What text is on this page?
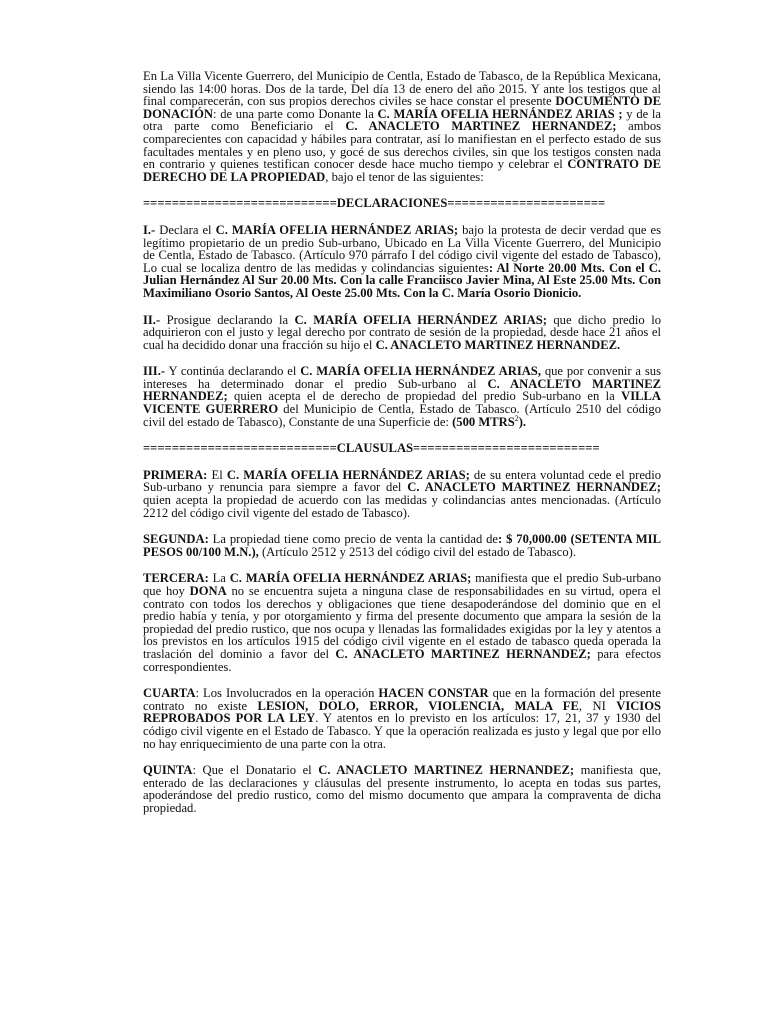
En La Villa Vicente Guerrero, del Municipio de Centla, Estado de Tabasco, de la República Mexicana, siendo las 14:00 horas. Dos de la tarde, Del día 13 de enero del año 2015. Y ante los testigos que al final comparecerán, con sus propios derechos civiles se hace constar el presente DOCUMENTO DE DONACIÓN: de una parte como Donante la C. MARÍA OFELIA HERNÁNDEZ ARIAS ; y de la otra parte como Beneficiario el C. ANACLETO MARTINEZ HERNANDEZ; ambos comparecientes con capacidad y hábiles para contratar, así lo manifiestan en el perfecto estado de sus facultades mentales y en pleno uso, y gocé de sus derechos civiles, sin que los testigos consten nada en contrario y quienes testifican conocer desde hace mucho tiempo y celebrar el CONTRATO DE DERECHO DE LA PROPIEDAD, bajo el tenor de las siguientes:

===========================DECLARACIONES======================

I.- Declara el C. MARÍA OFELIA HERNÁNDEZ ARIAS; bajo la protesta de decir verdad que es legítimo propietario de un predio Sub-urbano, Ubicado en La Villa Vicente Guerrero, del Municipio de Centla, Estado de Tabasco. (Artículo 970 párrafo I del código civil vigente del estado de Tabasco), Lo cual se localiza dentro de las medidas y colindancias siguientes: Al Norte 20.00 Mts. Con el C. Julian Hernández Al Sur 20.00 Mts. Con la calle Franciisco Javier Mina, Al Este 25.00 Mts. Con Maximiliano Osorio Santos, Al Oeste 25.00 Mts. Con la C. María Osorio Dionicio.

II.- Prosigue declarando la C. MARÍA OFELIA HERNÁNDEZ ARIAS; que dicho predio lo adquirieron con el justo y legal derecho por contrato de sesión de la propiedad, desde hace 21 años el cual ha decidido donar una fracción su hijo el C. ANACLETO MARTINEZ HERNANDEZ.

III.- Y continúa declarando el C. MARÍA OFELIA HERNÁNDEZ ARIAS, que por convenir a sus intereses ha determinado donar el predio Sub-urbano al C. ANACLETO MARTINEZ HERNANDEZ; quien acepta el de derecho de propiedad del predio Sub-urbano en la VILLA VICENTE GUERRERO del Municipio de Centla, Estado de Tabasco. (Artículo 2510 del código civil del estado de Tabasco), Constante de una Superficie de: (500 MTRS$^2$).

===========================CLAUSULAS==========================

PRIMERA: El C. MARÍA OFELIA HERNÁNDEZ ARIAS; de su entera voluntad cede el predio Sub-urbano y renuncia para siempre a favor del C. ANACLETO MARTINEZ HERNANDEZ; quien acepta la propiedad de acuerdo con las medidas y colindancias antes mencionadas. (Artículo 2212 del código civil vigente del estado de Tabasco).

SEGUNDA: La propiedad tiene como precio de venta la cantidad de: $ 70,000.00 (SETENTA MIL PESOS 00/100 M.N.), (Artículo 2512 y 2513 del código civil del estado de Tabasco).

TERCERA: La C. MARÍA OFELIA HERNÁNDEZ ARIAS; manifiesta que el predio Sub-urbano que hoy DONA no se encuentra sujeta a ninguna clase de responsabilidades en su virtud, opera el contrato con todos los derechos y obligaciones que tiene desapoderándose del dominio que en el predio había y tenía, y por otorgamiento y firma del presente documento que ampara la sesión de la propiedad del predio rustico, que nos ocupa y llenadas las formalidades exigidas por la ley y atentos a los previstos en los artículos 1915 del código civil vigente en el estado de tabasco queda operada la traslación del dominio a favor del C. ANACLETO MARTINEZ HERNANDEZ; para efectos correspondientes.

CUARTA: Los Involucrados en la operación HACEN CONSTAR que en la formación del presente contrato no existe LESION, DOLO, ERROR, VIOLENCIA, MALA FE, NI VICIOS REPROBADOS POR LA LEY. Y atentos en lo previsto en los artículos: 17, 21, 37 y 1930 del código civil vigente en el Estado de Tabasco. Y que la operación realizada es justo y legal que por ello no hay enriquecimiento de una parte con la otra.

QUINTA: Que el Donatario el C. ANACLETO MARTINEZ HERNANDEZ; manifiesta que, enterado de las declaraciones y cláusulas del presente instrumento, lo acepta en todas sus partes, apoderándose del predio rustico, como del mismo documento que ampara la compraventa de dicha propiedad.
